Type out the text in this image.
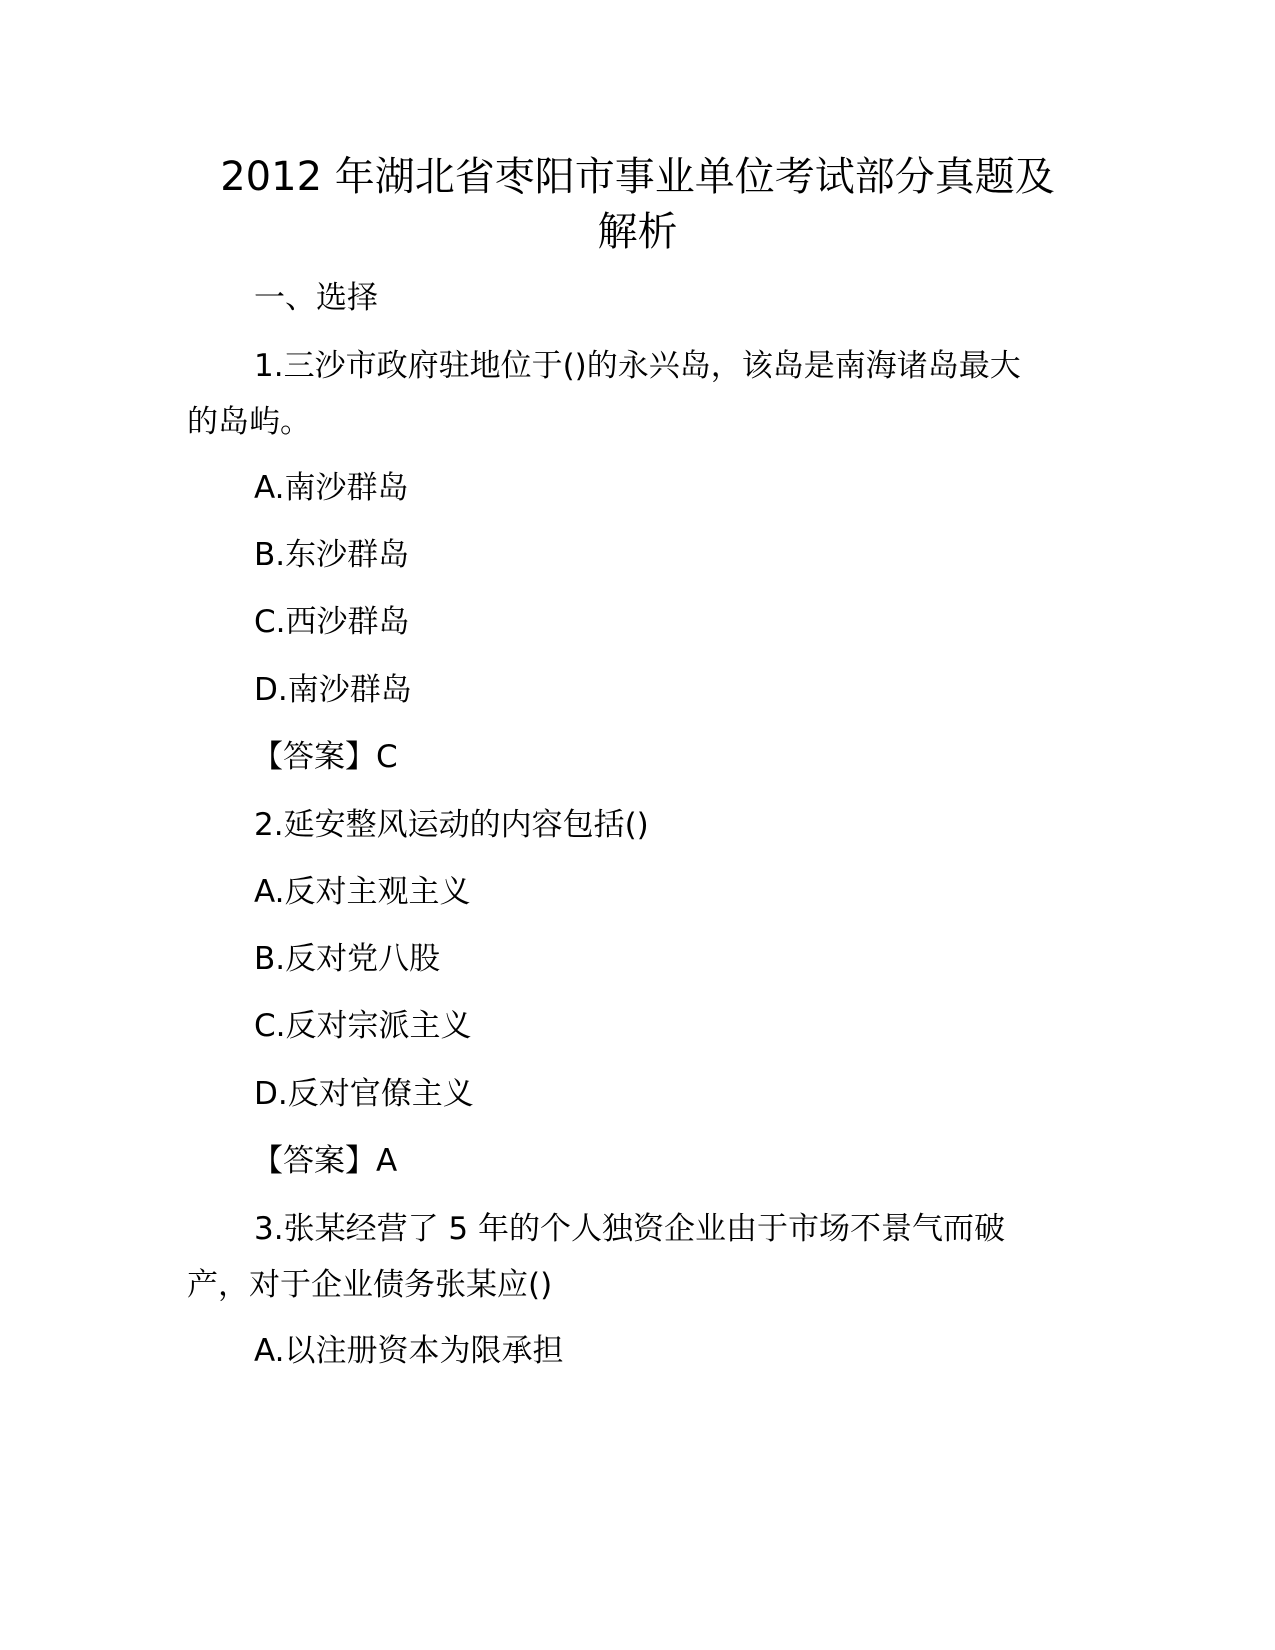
2012 年湖北省枣阳市事业单位考试部分真题及
解析

一、选择

1.三沙市政府驻地位于()的永兴岛，该岛是南海诸岛最大

的岛屿。

A.南沙群岛

B.东沙群岛

C.西沙群岛

D.南沙群岛

【答案】C

2.延安整风运动的内容包括()

A.反对主观主义

B.反对党八股

C.反对宗派主义

D.反对官僚主义

【答案】A

3.张某经营了 5 年的个人独资企业由于市场不景气而破

产，对于企业债务张某应()

A.以注册资本为限承担
